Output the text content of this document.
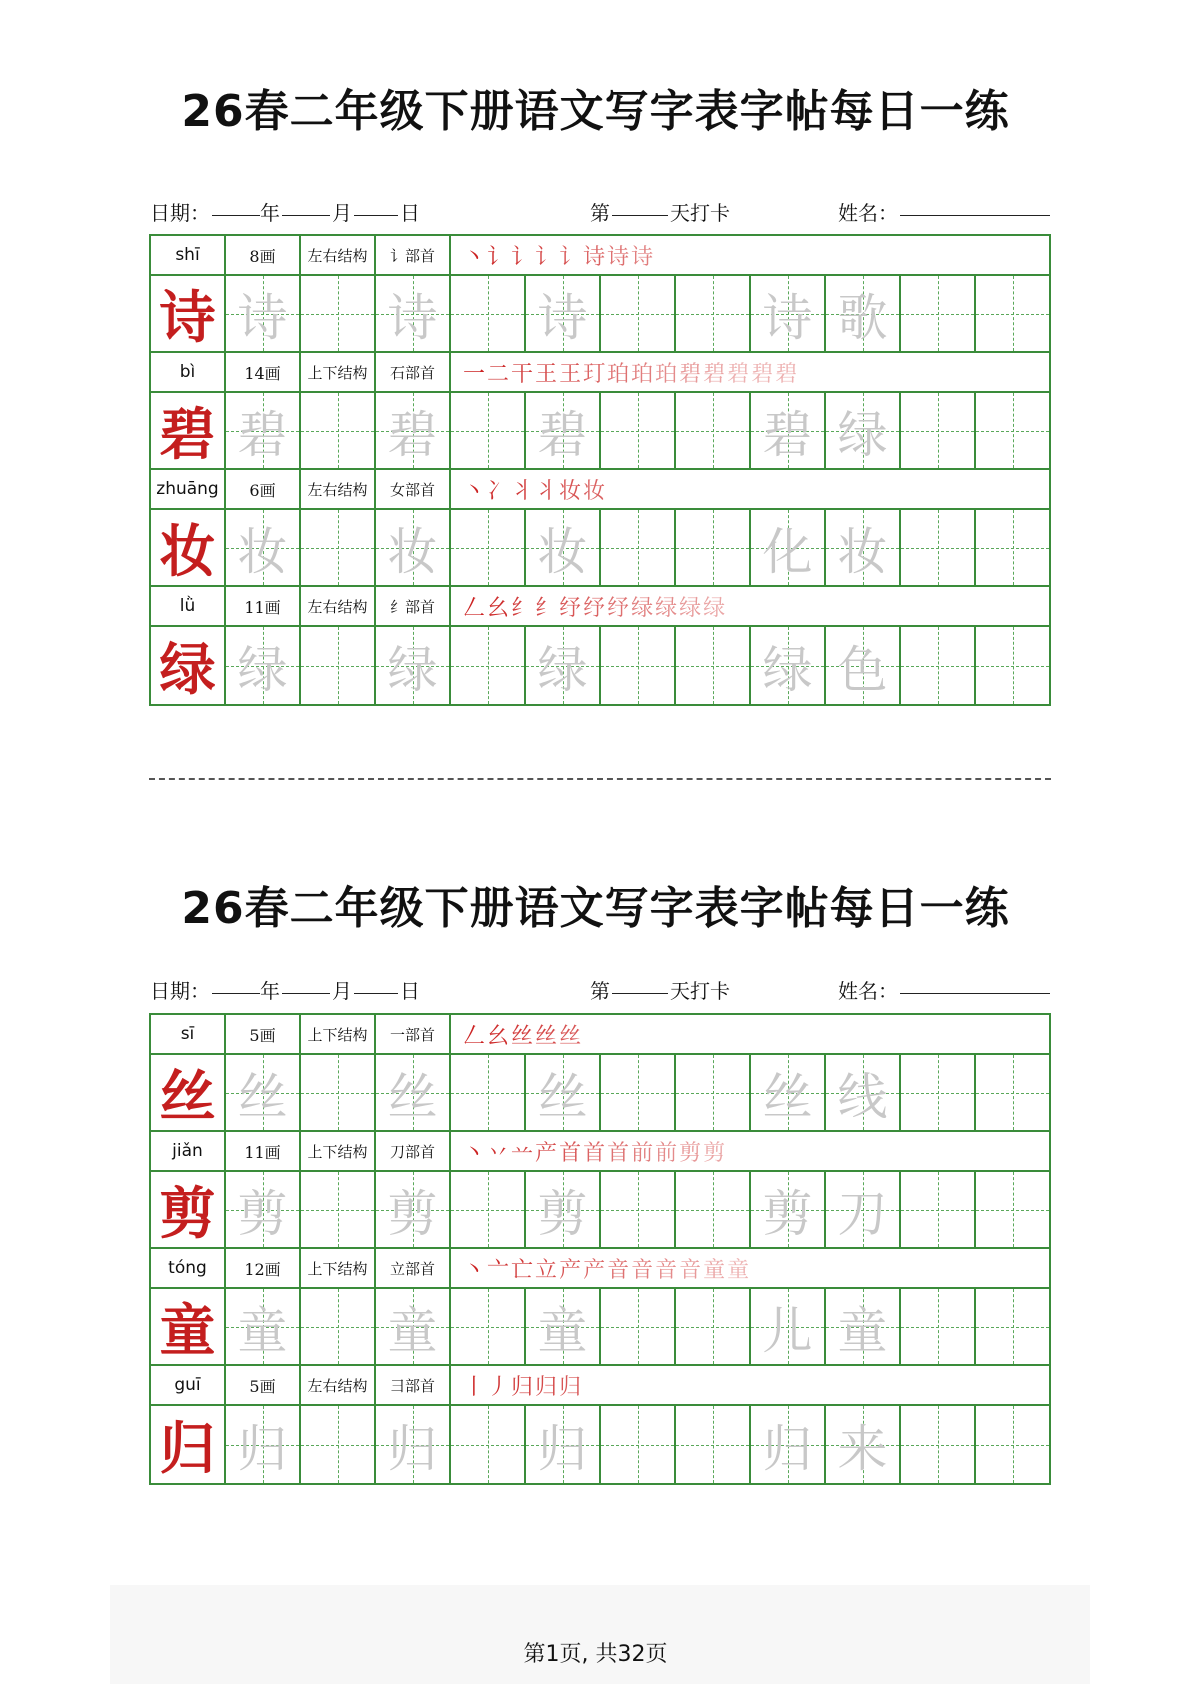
26春二年级下册语文写字表字帖每日一练
日期：	年	月 日	第	天打卡	姓名：
shī	8画	左右结构	讠部首	丶 讠 讠 讠 讠 诗 诗 诗
诗 诗 诗 诗	诗 歌
bì	14画	上下结构	石部首	一 二 干 王 王 玎 珀 珀 珀 碧 碧 碧 碧 碧
碧 碧 碧 碧	碧 绿
zhuāng	6画	左右结构	女部首	丶 冫 丬 丬 妆 妆
妆 妆 妆 妆	化 妆
lǜ	11画	左右结构	纟部首	𠃋 幺 纟 纟 纾 纾 纾 绿 绿 绿 绿
绿 绿 绿 绿	绿 色
26春二年级下册语文写字表字帖每日一练
日期：	年	月 日	第	天打卡	姓名：
sī	5画	上下结构	一部首	𠃋 幺 丝 丝 丝
丝 丝 丝 丝	丝 线
jiǎn	11画	上下结构	刀部首	丶 丷 䒑 产 首 首 首 前 前 剪 剪
剪 剪 剪 剪	剪 刀
tóng	12画	上下结构	立部首	丶 亠 亡 立 产 产 音 音 音 音 童 童
童 童 童 童	儿 童
guī	5画	左右结构	彐部首	丨 丿 归 归 归
归 归 归 归	归 来
第1页, 共32页
